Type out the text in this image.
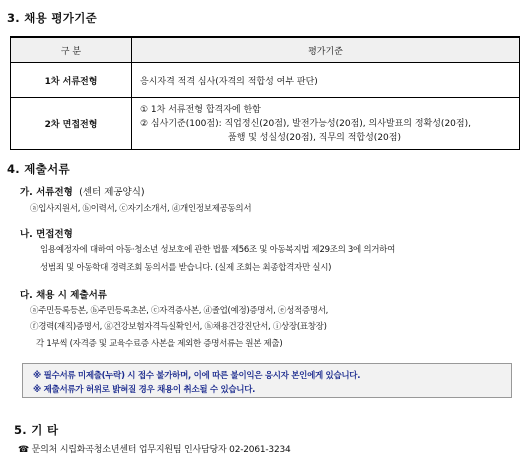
3. 채용 평가기준
구 분	평가기준
1차 서류전형	응시자격 적격 심사(자격의 적합성 여부 판단)
2차 면접전형	① 1차 서류전형 합격자에 한함
② 심사기준(100점): 직업정신(20점), 발전가능성(20점), 의사발표의 정확성(20점),
품행 및 성실성(20점), 직무의 적합성(20점)
4. 제출서류
가. 서류전형 (센터 제공양식)
ⓐ입사지원서, ⓑ이력서, ⓒ자기소개서, ⓓ개인정보제공동의서
나. 면접전형
임용예정자에 대하여 아동·청소년 성보호에 관한 법률 제56조 및 아동복지법 제29조의 3에 의거하여
성범죄 및 아동학대 경력조회 동의서를 받습니다. (실제 조회는 최종합격자만 실시)
다. 채용 시 제출서류
ⓐ주민등록등본, ⓑ주민등록초본, ⓒ자격증사본, ⓓ졸업(예정)증명서, ⓔ성적증명서,
ⓕ경력(재직)증명서, ⓖ건강보험자격득실확인서, ⓗ채용건강진단서, ⓘ상장(표창장)
※ 필수서류 미제출(누락) 시 접수 불가하며, 이에 따른 불이익은 응시자 본인에게 있습니다.
※ 제출서류가 허위로 밝혀질 경우 채용이 취소될 수 있습니다.
각 1부씩 (자격증 및 교육수료증 사본을 제외한 증명서류는 원본 제출)
5. 기 타
☎ 문의처 시립화곡청소년센터 업무지원팀 인사담당자 02-2061-3234
